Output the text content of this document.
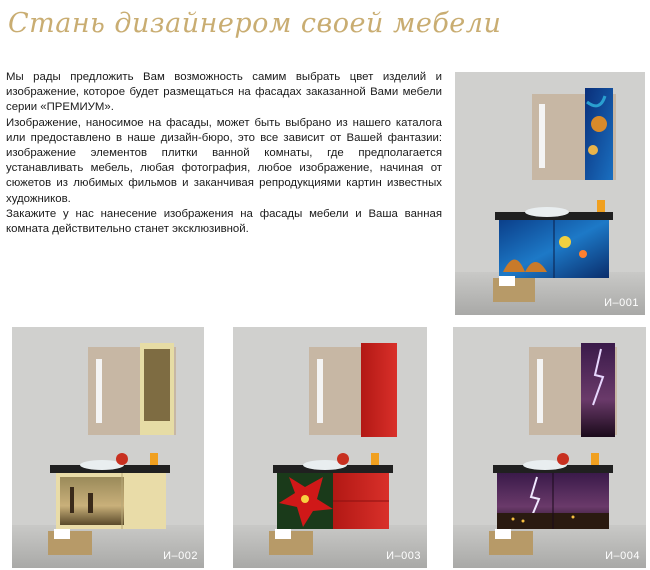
Стань дизайнером своей мебели

Мы рады предложить Вам возможность самим выбрать цвет изделий и изображение, которое будет размещаться на фасадах заказанной Вами мебели серии «ПРЕМИУМ».

Изображение, наносимое на фасады, может быть выбрано из нашего каталога или предоставлено в наше дизайн-бюро, это все зависит от Вашей фантазии: изображение элементов плитки ванной комнаты, где предполагается устанавливать мебель, любая фотография, любое изображение, начиная от сюжетов из любимых фильмов и заканчивая репродукциями картин известных художников.

Закажите у нас нанесение изображения на фасады мебели и Ваша ванная комната действительно станет эксклюзивной.

И–001
И–002	И–003	И–004
